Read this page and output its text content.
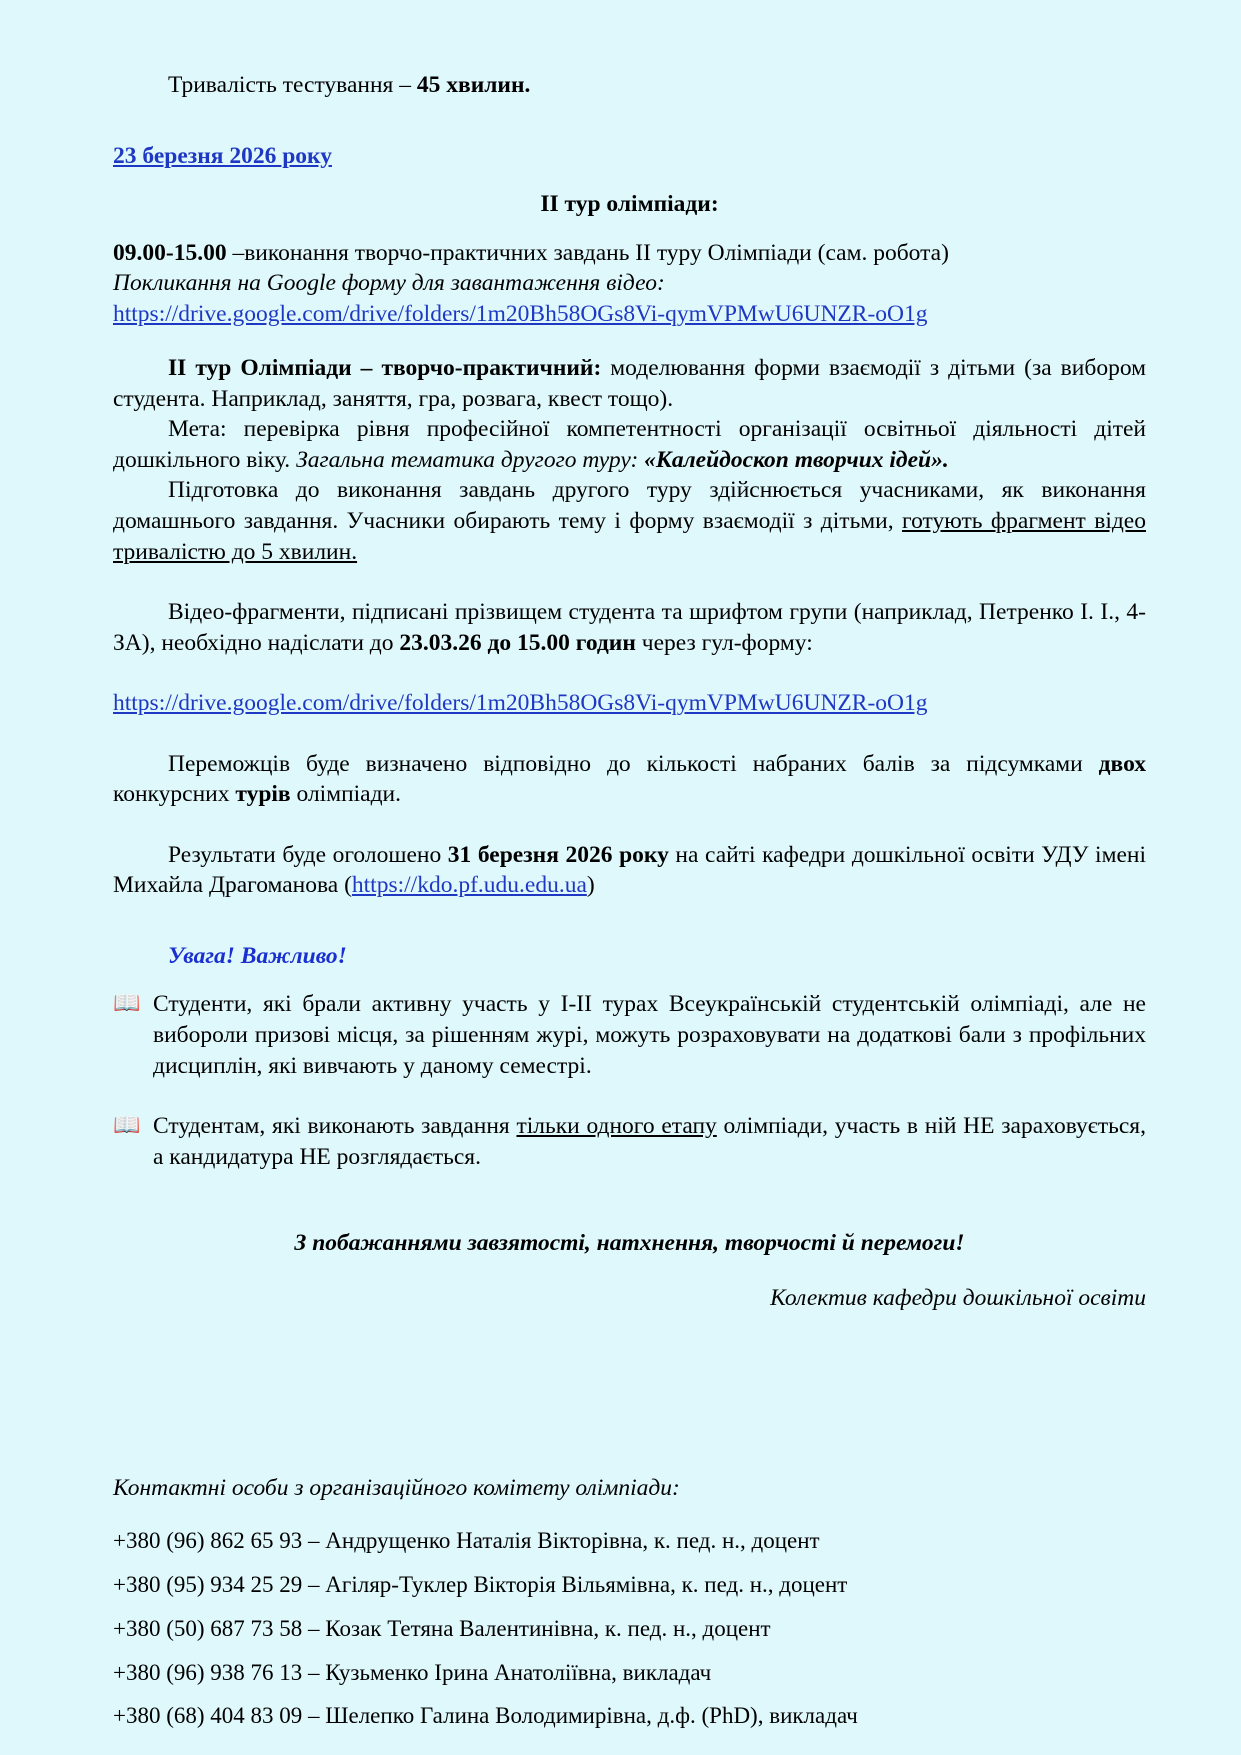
Тривалість тестування – 45 хвилин.

23 березня 2026 року

ІІ тур олімпіади:

09.00-15.00 –виконання творчо-практичних завдань ІІ туру Олімпіади (сам. робота)

Покликання на Google форму для завантаження відео:

https://drive.google.com/drive/folders/1m20Bh58OGs8Vi-qymVPMwU6UNZR-oO1g

ІІ тур Олімпіади – творчо-практичний: моделювання форми взаємодії з дітьми (за вибором студента. Наприклад, заняття, гра, розвага, квест тощо).

Мета: перевірка рівня професійної компетентності організації освітньої діяльності дітей дошкільного віку. Загальна тематика другого туру: «Калейдоскоп творчих ідей».

Підготовка до виконання завдань другого туру здійснюється учасниками, як виконання домашнього завдання. Учасники обирають тему і форму взаємодії з дітьми, готують фрагмент відео тривалістю до 5 хвилин.

Відео-фрагменти, підписані прізвищем студента та шрифтом групи (наприклад, Петренко І. І., 4-ЗА), необхідно надіслати до 23.03.26 до 15.00 годин через гул-форму:

https://drive.google.com/drive/folders/1m20Bh58OGs8Vi-qymVPMwU6UNZR-oO1g

Переможців буде визначено відповідно до кількості набраних балів за підсумками двох конкурсних турів олімпіади.

Результати буде оголошено 31 березня 2026 року на сайті кафедри дошкільної освіти УДУ імені Михайла Драгоманова (https://kdo.pf.udu.edu.ua)

Увага! Важливо!

📖 Студенти, які брали активну участь у І-ІІ турах Всеукраїнській студентській олімпіаді, але не вибороли призові місця, за рішенням журі, можуть розраховувати на додаткові бали з профільних дисциплін, які вивчають у даному семестрі.
📖 Студентам, які виконають завдання тільки одного етапу олімпіади, участь в ній НЕ зараховується, а кандидатура НЕ розглядається.

З побажаннями завзятості, натхнення, творчості й перемоги!

Колектив кафедри дошкільної освіти

Контактні особи з організаційного комітету олімпіади:

+380 (96) 862 65 93 – Андрущенко Наталія Вікторівна, к. пед. н., доцент

+380 (95) 934 25 29 – Агіляр-Туклер Вікторія Вільямівна, к. пед. н., доцент

+380 (50) 687 73 58 – Козак Тетяна Валентинівна, к. пед. н., доцент

+380 (96) 938 76 13 – Кузьменко Ірина Анатоліївна, викладач

+380 (68) 404 83 09 – Шелепко Галина Володимирівна, д.ф. (PhD), викладач
